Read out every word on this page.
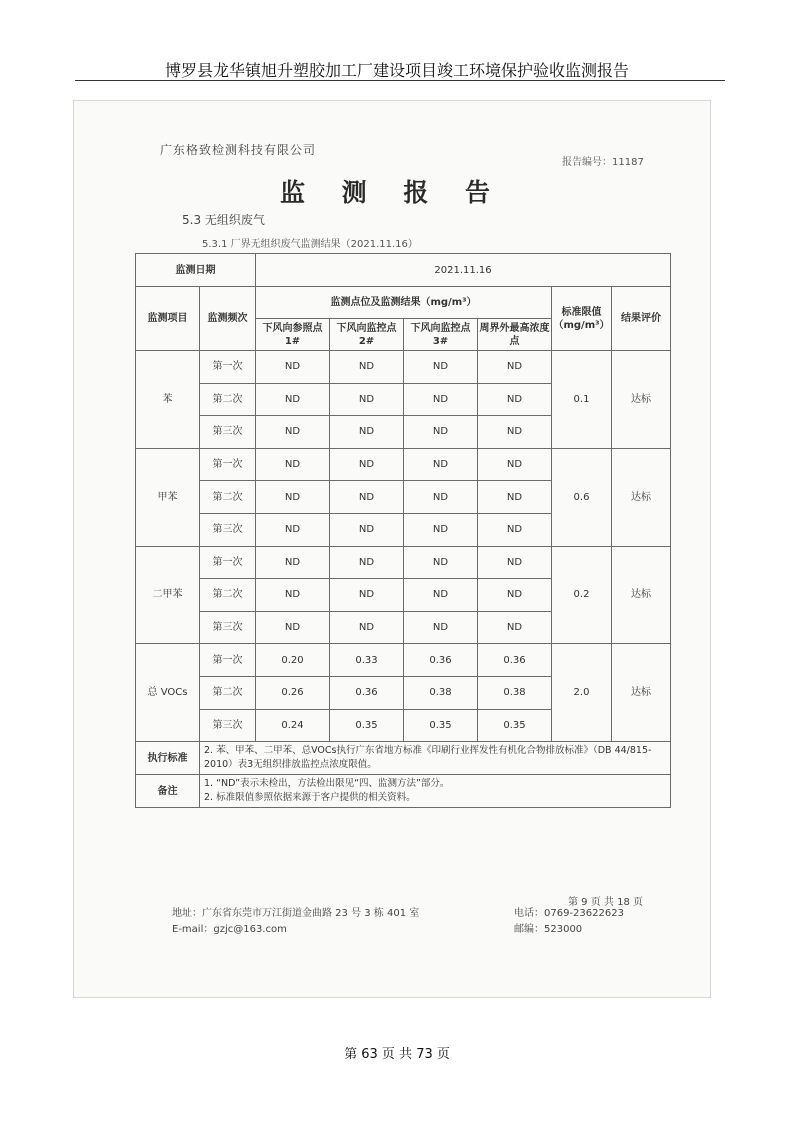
博罗县龙华镇旭升塑胶加工厂建设项目竣工环境保护验收监测报告
广东格致检测科技有限公司
报告编号：11187
监 测 报 告
5.3 无组织废气
5.3.1 厂界无组织废气监测结果（2021.11.16）
监测日期		2021.11.16					
监测项目	监测频次	监测点位及监测结果（mg/m³）				标准限值（mg/m³）	结果评价
		下风向参照点 1#	下风向监控点 2#	下风向监控点 3#	周界外最高浓度点		
苯	第一次	ND	ND	ND	ND	0.1	达标
	第二次	ND	ND	ND	ND		
	第三次	ND	ND	ND	ND		
甲苯	第一次	ND	ND	ND	ND	0.6	达标
	第二次	ND	ND	ND	ND		
	第三次	ND	ND	ND	ND		
二甲苯	第一次	ND	ND	ND	ND	0.2	达标
	第二次	ND	ND	ND	ND		
	第三次	ND	ND	ND	ND		
总 VOCs	第一次	0.20	0.33	0.36	0.36	2.0	达标
	第二次	0.26	0.36	0.38	0.38		
	第三次	0.24	0.35	0.35	0.35		
执行标准	2. 苯、甲苯、二甲苯、总VOCs执行广东省地方标准《印刷行业挥发性有机化合物排放标准》（DB 44/815-2010）表3无组织排放监控点浓度限值。						
备注	1. “ND”表示未检出，方法检出限见“四、监测方法”部分。
2. 标准限值参照依据来源于客户提供的相关资料。						
第 9 页 共 18 页
地址：广东省东莞市万江街道金曲路 23 号 3 栋 401 室
E-mail：gzjc@163.com
电话：0769-23622623
邮编：523000
第 63 页 共 73 页
